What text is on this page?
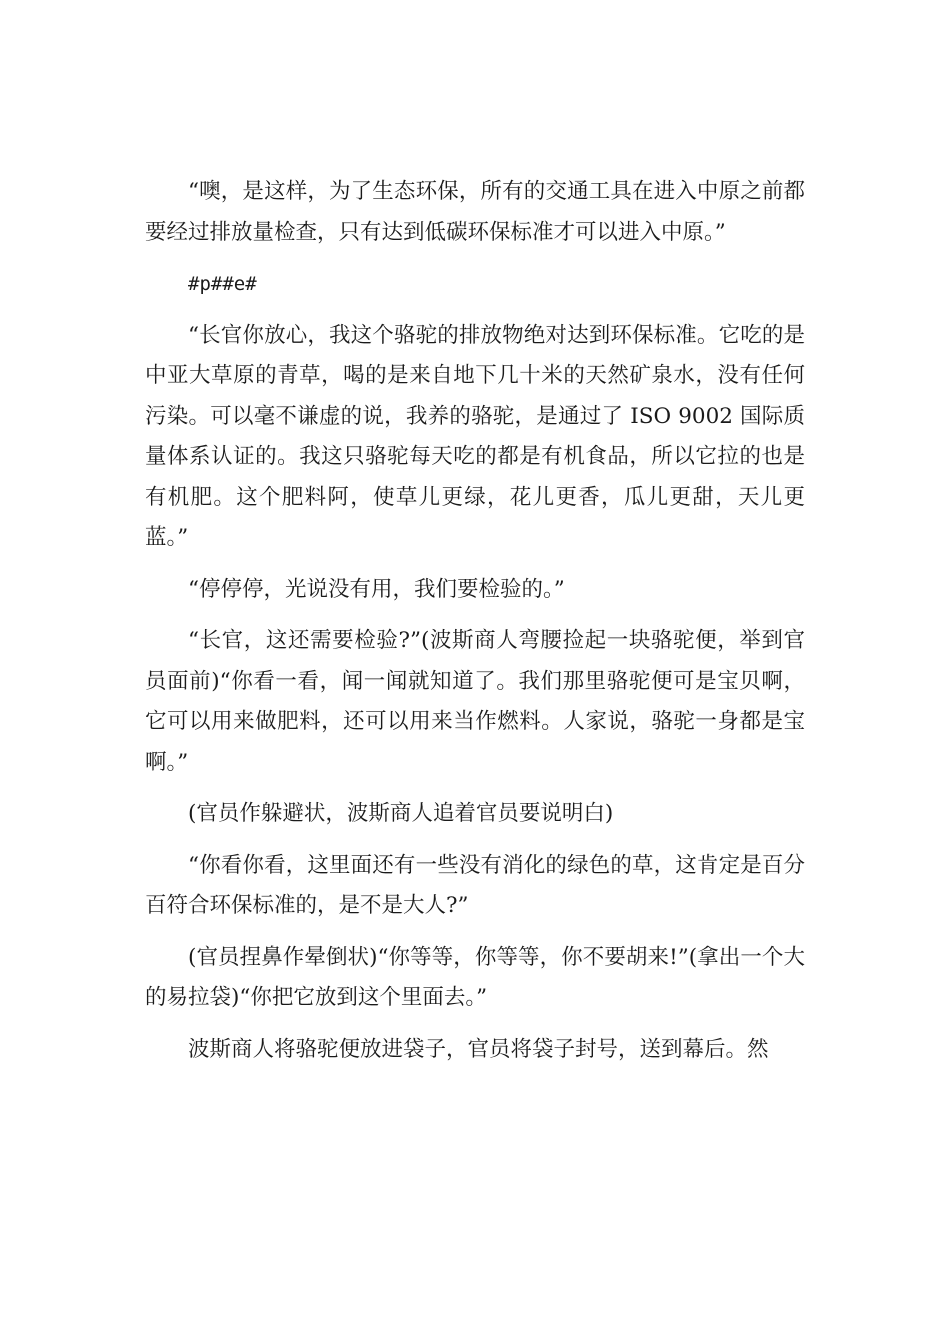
“噢，是这样，为了生态环保，所有的交通工具在进入中原之前都要经过排放量检查，只有达到低碳环保标准才可以进入中原。”

#p##e#

“长官你放心，我这个骆驼的排放物绝对达到环保标准。它吃的是中亚大草原的青草，喝的是来自地下几十米的天然矿泉水，没有任何污染。可以毫不谦虚的说，我养的骆驼，是通过了 ISO 9002 国际质量体系认证的。我这只骆驼每天吃的都是有机食品，所以它拉的也是有机肥。这个肥料阿，使草儿更绿，花儿更香，瓜儿更甜，天儿更蓝。”

“停停停，光说没有用，我们要检验的。”

“长官，这还需要检验?”(波斯商人弯腰捡起一块骆驼便，举到官员面前)“你看一看，闻一闻就知道了。我们那里骆驼便可是宝贝啊，它可以用来做肥料，还可以用来当作燃料。人家说，骆驼一身都是宝啊。”

(官员作躲避状，波斯商人追着官员要说明白)

“你看你看，这里面还有一些没有消化的绿色的草，这肯定是百分百符合环保标准的，是不是大人?”

(官员捏鼻作晕倒状)“你等等，你等等，你不要胡来!”(拿出一个大的易拉袋)“你把它放到这个里面去。”

波斯商人将骆驼便放进袋子，官员将袋子封号，送到幕后。然
